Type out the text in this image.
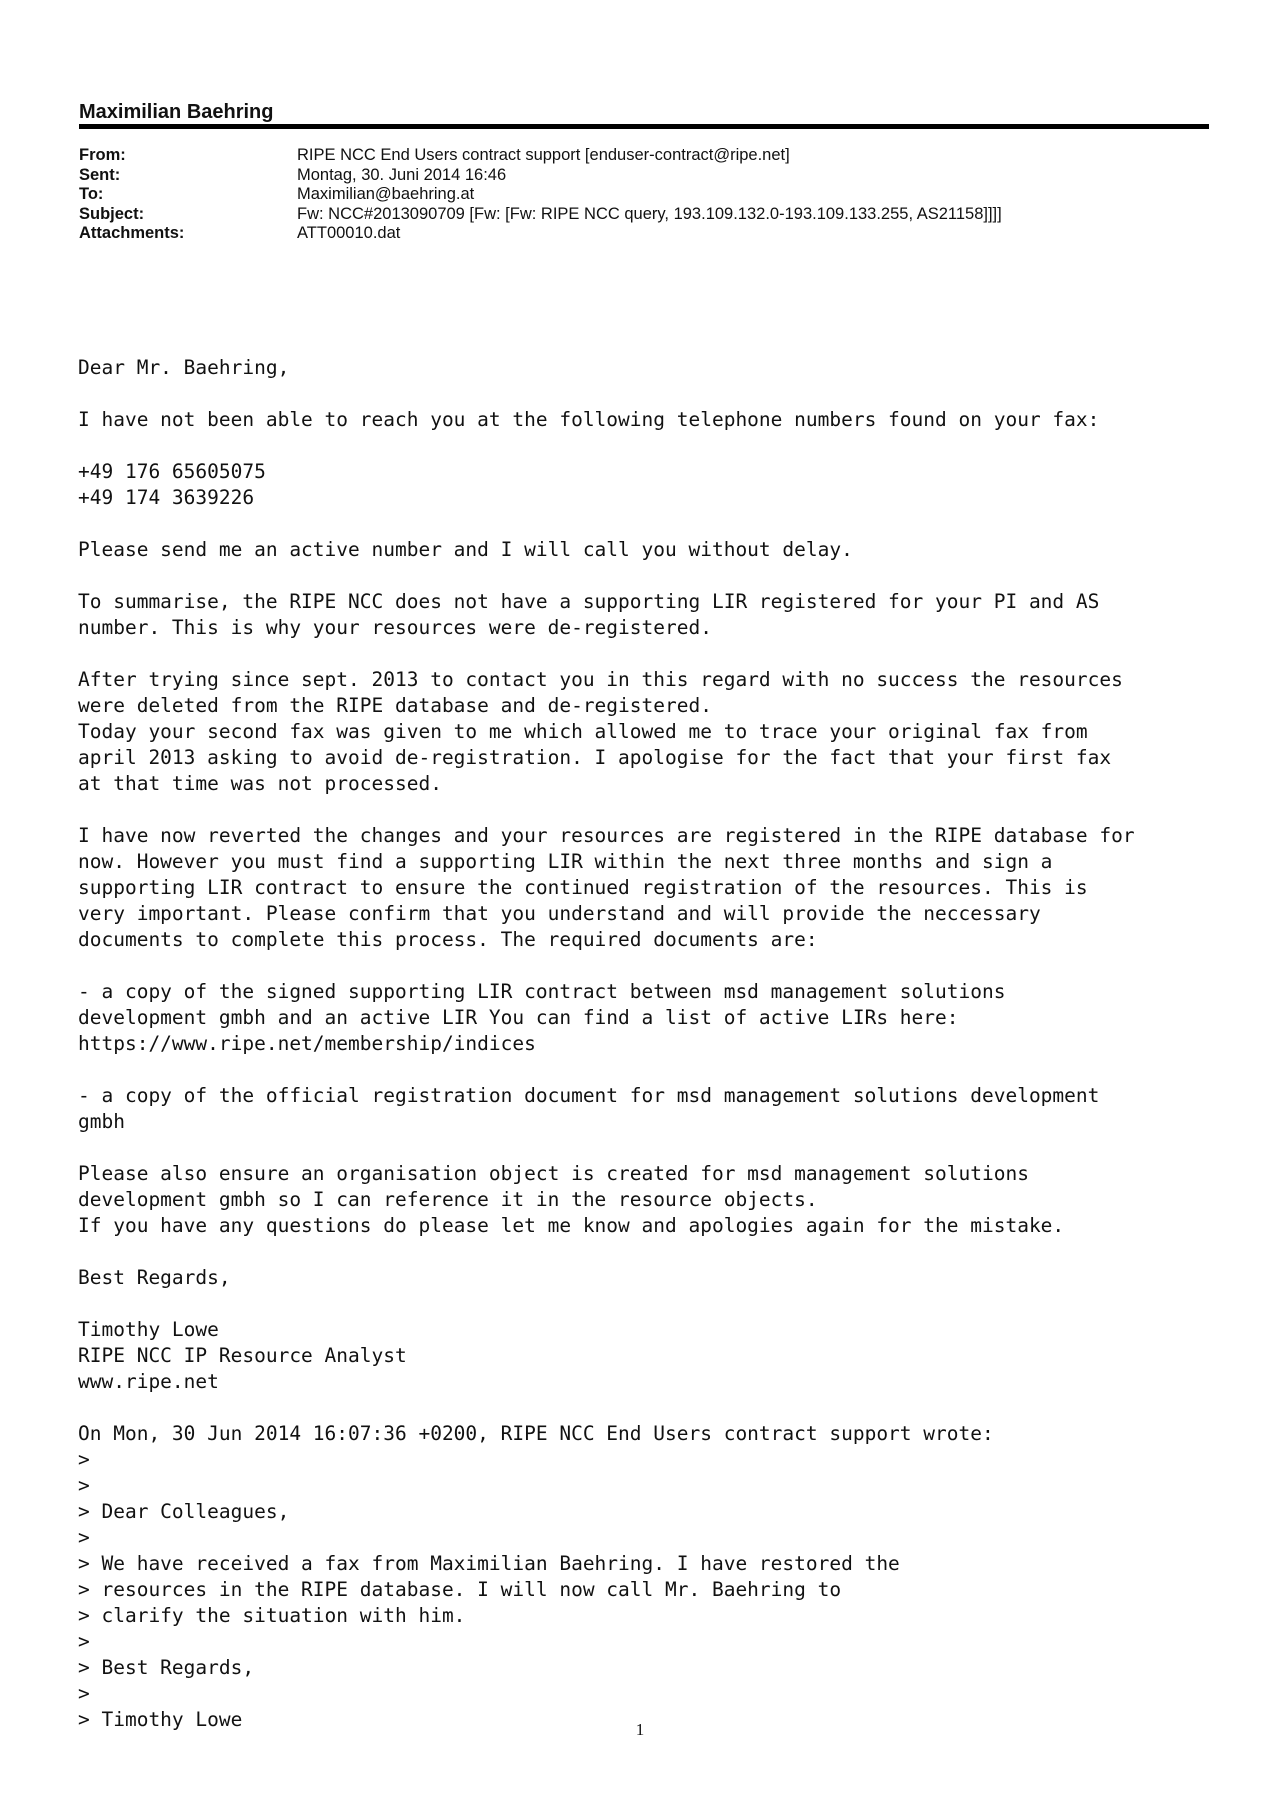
Maximilian Baehring
From:	RIPE NCC End Users contract support [enduser-contract@ripe.net]
Sent:	Montag, 30. Juni 2014 16:46
To:	Maximilian@baehring.at
Subject:	Fw: NCC#2013090709 [Fw: [Fw: RIPE NCC query, 193.109.132.0-193.109.133.255, AS21158]]]]
Attachments:	ATT00010.dat
Dear Mr. Baehring,
I have not been able to reach you at the following telephone numbers found on your fax:
+49 176 65605075
+49 174 3639226
Please send me an active number and I will call you without delay.
To summarise, the RIPE NCC does not have a supporting LIR registered for your PI and AS
number. This is why your resources were de-registered.
After trying since sept. 2013 to contact you in this regard with no success the resources
were deleted from the RIPE database and de-registered.
Today your second fax was given to me which allowed me to trace your original fax from
april 2013 asking to avoid de-registration. I apologise for the fact that your first fax
at that time was not processed.
I have now reverted the changes and your resources are registered in the RIPE database for
now. However you must find a supporting LIR within the next three months and sign a
supporting LIR contract to ensure the continued registration of the resources. This is
very important. Please confirm that you understand and will provide the neccessary
documents to complete this process. The required documents are:
- a copy of the signed supporting LIR contract between msd management solutions
development gmbh and an active LIR You can find a list of active LIRs here:
https://www.ripe.net/membership/indices
- a copy of the official registration document for msd management solutions development
gmbh
Please also ensure an organisation object is created for msd management solutions
development gmbh so I can reference it in the resource objects.
If you have any questions do please let me know and apologies again for the mistake.
Best Regards,
Timothy Lowe
RIPE NCC IP Resource Analyst
www.ripe.net
On Mon, 30 Jun 2014 16:07:36 +0200, RIPE NCC End Users contract support wrote:
>
>
> Dear Colleagues,
>
> We have received a fax from Maximilian Baehring. I have restored the
> resources in the RIPE database. I will now call Mr. Baehring to
> clarify the situation with him.
>
> Best Regards,
>
> Timothy Lowe	1
